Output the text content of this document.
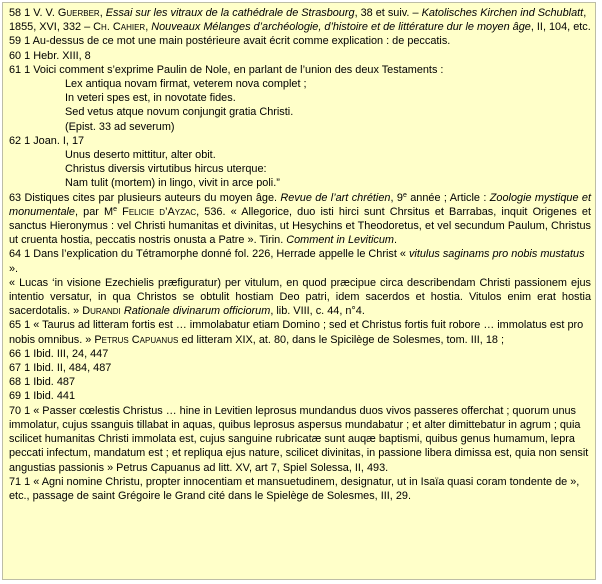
58 1 V. V. Guerber, Essai sur les vitraux de la cathédrale de Strasbourg, 38 et suiv. – Katolisches Kirchen ind Schublatt, 1855, XVI, 332 – Ch. Cahier, Nouveaux Mélanges d’archéologie, d’histoire et de littérature dur le moyen âge, II, 104, etc.

59 1 Au-dessus de ce mot une main postérieure avait écrit comme explication : de peccatis.

60 1 Hebr. XIII, 8

61 1 Voici comment s’exprime Paulin de Nole, en parlant de l’union des deux Testaments :

Lex antiqua novam firmat, veterem nova complet ;

In veteri spes est, in novotate fides.

Sed vetus atque novum conjungit gratia Christi.

(Epist. 33 ad severum)

62 1 Joan. I, 17

Unus deserto mittitur, alter obit.

Christus diversis virtutibus hircus uterque:

Nam tulit (mortem) in lingo, vivit in arce poli.”

63 Distiques cites par plusieurs auteurs du moyen âge. Revue de l’art chrétien, 9e année ; Article : Zoologie mystique et monumentale, par Me Felicie d’Ayzac, 536. « Allegorice, duo isti hirci sunt Chrsitus et Barrabas, inquit Origenes et sanctus Hieronymus : vel Christi humanitas et divinitas, ut Hesychins et Theodoretus, et vel secundum Paulum, Christus ut cruenta hostia, peccatis nostris onusta a Patre ». Tirin. Comment in Leviticum.

64 1 Dans l’explication du Tétramorphe donné fol. 226, Herrade appelle le Christ « vitulus saginams pro nobis mustatus ».

« Lucas ‘in visione Ezechielis præfiguratur) per vitulum, en quod præcipue circa describendam Christi passionem ejus intentio versatur, in qua Christos se obtulit hostiam Deo patri, idem sacerdos et hostia. Vitulos enim erat hostia sacerdotalis. » Durandi Rationale divinarum officiorum, lib. VIII, c. 44, n°4.

65 1 « Taurus ad litteram fortis est … immolabatur etiam Domino ; sed et Christus fortis fuit robore … immolatus est pro nobis omnibus. » Petrus Capuanus ed litteram XIX, at. 80, dans le Spicilège de Solesmes, tom. III, 18 ;

66 1 Ibid. III, 24, 447

67 1 Ibid. II, 484, 487

68 1 Ibid. 487

69 1 Ibid. 441

70 1 « Passer cœlestis Christus … hine in Levitien leprosus mundandus duos vivos passeres offerchat ; quorum unus immolatur, cujus ssanguis tillabat in aquas, quibus leprosus aspersus mundabatur ; et alter dimittebatur in agrum ; quia scilicet humanitas Christi immolata est, cujus sanguine rubricatæ sunt auqæ baptismi, quibus genus humamum, lepra peccati infectum, mandatum est ; et repliqua ejus nature, scilicet divinitas, in passione libera dimissa est, quia non sensit angustias passionis » Petrus Capuanus ad litt. XV, art 7, Spiel Solessa, II, 493.

71 1 « Agni nomine Christu, propter innocentiam et mansuetudinem, designatur, ut in Isaïa quasi coram tondente de », etc., passage de saint Grégoire le Grand cité dans le Spielège de Solesmes, III, 29.
